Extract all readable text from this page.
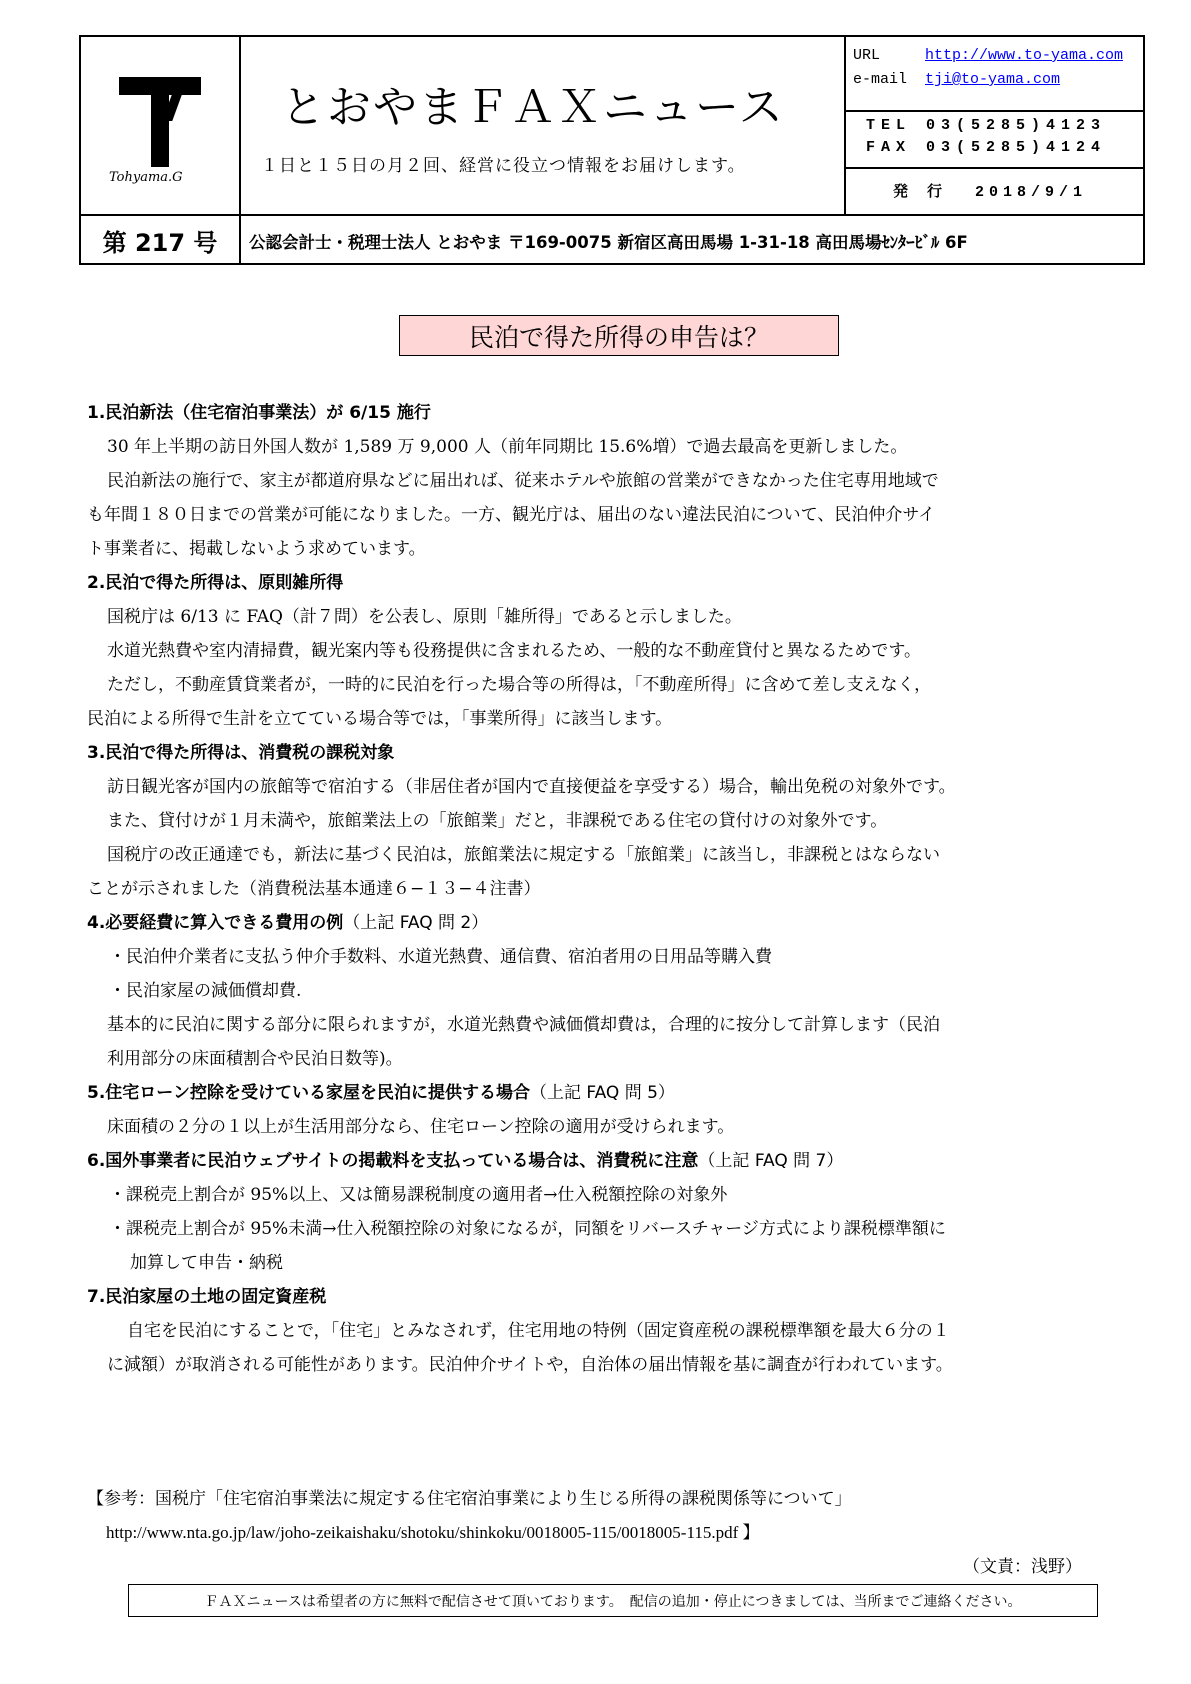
Tohyama.G
とおやまＦＡＸニュース
１日と１５日の月２回、経営に役立つ情報をお届けします。
URL	http://www.to-yama.com
e-mail tji@to-yama.com
TEL 03(5285)4123
FAX 03(5285)4124
発 行  2018/9/1
第 217 号	公認会計士・税理士法人 とおやま 〒169-0075 新宿区高田馬場 1-31-18 高田馬場ｾﾝﾀｰﾋﾞﾙ 6F
民泊で得た所得の申告は？
1.民泊新法（住宅宿泊事業法）が 6/15 施行
30 年上半期の訪日外国人数が 1,589 万 9,000 人（前年同期比 15.6%増）で過去最高を更新しました。
民泊新法の施行で、家主が都道府県などに届出れば、従来ホテルや旅館の営業ができなかった住宅専用地域で
も年間１８０日までの営業が可能になりました。一方、観光庁は、届出のない違法民泊について、民泊仲介サイ
ト事業者に、掲載しないよう求めています。
2.民泊で得た所得は、原則雑所得
国税庁は 6/13 に FAQ（計７問）を公表し、原則「雑所得」であると示しました。
水道光熱費や室内清掃費，観光案内等も役務提供に含まれるため、一般的な不動産貸付と異なるためです。
ただし，不動産賃貸業者が，一時的に民泊を行った場合等の所得は，「不動産所得」に含めて差し支えなく，
民泊による所得で生計を立てている場合等では，「事業所得」に該当します。
3.民泊で得た所得は、消費税の課税対象
訪日観光客が国内の旅館等で宿泊する（非居住者が国内で直接便益を享受する）場合，輸出免税の対象外です。
また、貸付けが１月未満や，旅館業法上の「旅館業」だと，非課税である住宅の貸付けの対象外です。
国税庁の改正通達でも，新法に基づく民泊は，旅館業法に規定する「旅館業」に該当し，非課税とはならない
ことが示されました（消費税法基本通達６−１３−４注書）
4.必要経費に算入できる費用の例（上記 FAQ 問 2）
・民泊仲介業者に支払う仲介手数料、水道光熱費、通信費、宿泊者用の日用品等購入費
・民泊家屋の減価償却費.
基本的に民泊に関する部分に限られますが，水道光熱費や減価償却費は，合理的に按分して計算します（民泊
利用部分の床面積割合や民泊日数等)。
5.住宅ローン控除を受けている家屋を民泊に提供する場合（上記 FAQ 問 5）
床面積の２分の１以上が生活用部分なら、住宅ローン控除の適用が受けられます。
6.国外事業者に民泊ウェブサイトの掲載料を支払っている場合は、消費税に注意（上記 FAQ 問 7）
・課税売上割合が 95%以上、又は簡易課税制度の適用者→仕入税額控除の対象外
・課税売上割合が 95%未満→仕入税額控除の対象になるが，同額をリバースチャージ方式により課税標準額に
加算して申告・納税
7.民泊家屋の土地の固定資産税
自宅を民泊にすることで，「住宅」とみなされず，住宅用地の特例（固定資産税の課税標準額を最大６分の１
に減額）が取消される可能性があります。民泊仲介サイトや，自治体の届出情報を基に調査が行われています。
【参考：国税庁「住宅宿泊事業法に規定する住宅宿泊事業により生じる所得の課税関係等について」
http://www.nta.go.jp/law/joho-zeikaishaku/shotoku/shinkoku/0018005-115/0018005-115.pdf 】
（文責：浅野）
ＦＡＸニュースは希望者の方に無料で配信させて頂いております。　配信の追加・停止につきましては、当所までご連絡ください。
